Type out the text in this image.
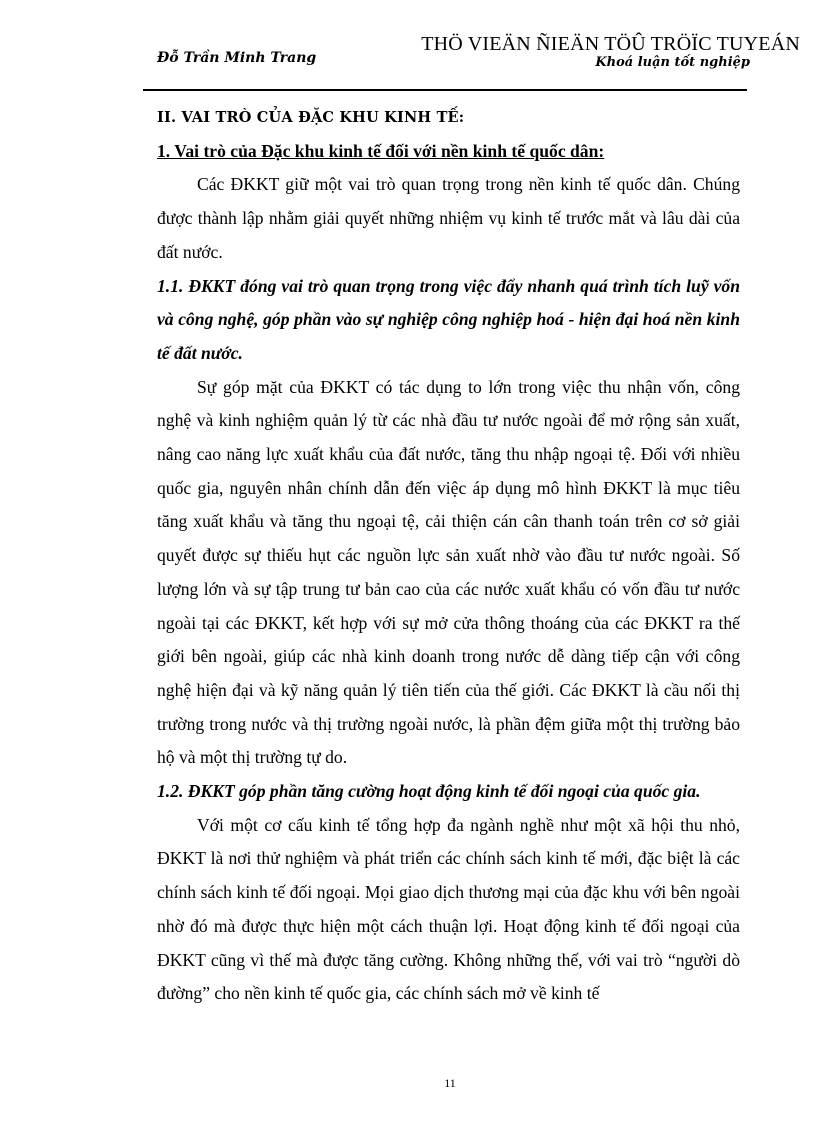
Đỗ Trần Minh Trang
THÖ VIEÄN ÑIEÄN TÖÛ TRÖÏC TUYEÁN
Khoá luận tốt nghiệp

II. VAI TRÒ CỦA ĐẶC KHU KINH TẾ:

1. Vai trò của Đặc khu kinh tế đối với nền kinh tế quốc dân:

Các ĐKKT giữ một vai trò quan trọng trong nền kinh tế quốc dân. Chúng được thành lập nhằm giải quyết những nhiệm vụ kinh tế trước mắt và lâu dài của đất nước.

1.1. ĐKKT đóng vai trò quan trọng trong việc đẩy nhanh quá trình tích luỹ vốn và công nghệ, góp phần vào sự nghiệp công nghiệp hoá - hiện đại hoá nền kinh tế đất nước.

Sự góp mặt của ĐKKT có tác dụng to lớn trong việc thu nhận vốn, công nghệ và kinh nghiệm quản lý từ các nhà đầu tư nước ngoài để mở rộng sản xuất, nâng cao năng lực xuất khẩu của đất nước, tăng thu nhập ngoại tệ. Đối với nhiều quốc gia, nguyên nhân chính dẫn đến việc áp dụng mô hình ĐKKT là mục tiêu tăng xuất khẩu và tăng thu ngoại tệ, cải thiện cán cân thanh toán trên cơ sở giải quyết được sự thiếu hụt các nguồn lực sản xuất nhờ vào đầu tư nước ngoài. Số lượng lớn và sự tập trung tư bản cao của các nước xuất khẩu có vốn đầu tư nước ngoài tại các ĐKKT, kết hợp với sự mở cửa thông thoáng của các ĐKKT ra thế giới bên ngoài, giúp các nhà kinh doanh trong nước dễ dàng tiếp cận với công nghệ hiện đại và kỹ năng quản lý tiên tiến của thế giới. Các ĐKKT là cầu nối thị trường trong nước và thị trường ngoài nước, là phần đệm giữa một thị trường bảo hộ và một thị trường tự do.

1.2. ĐKKT góp phần tăng cường hoạt động kinh tế đối ngoại của quốc gia.

Với một cơ cấu kinh tế tổng hợp đa ngành nghề như một xã hội thu nhỏ, ĐKKT là nơi thử nghiệm và phát triển các chính sách kinh tế mới, đặc biệt là các chính sách kinh tế đối ngoại. Mọi giao dịch thương mại của đặc khu với bên ngoài nhờ đó mà được thực hiện một cách thuận lợi. Hoạt động kinh tế đối ngoại của ĐKKT cũng vì thế mà được tăng cường. Không những thế, với vai trò “người dò đường” cho nền kinh tế quốc gia, các chính sách mở về kinh tế

11
